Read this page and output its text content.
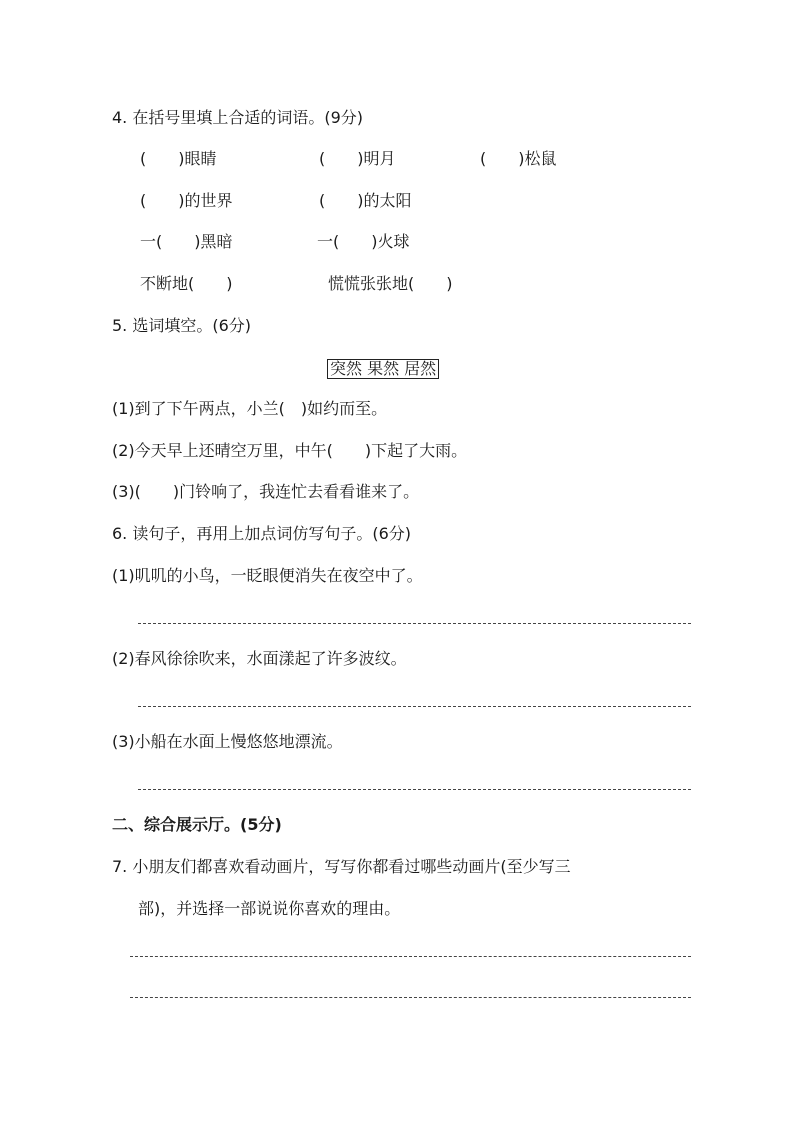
4. 在括号里填上合适的词语。(9分)
(　　)眼睛	(　　)明月	(　　)松鼠
(　　)的世界	(　　)的太阳
一(　　)黑暗	一(　　)火球
不断地(　　)	慌慌张张地(　　)
5. 选词填空。(6分)
突然 果然 居然
(1)到了下午两点，小兰(　)如约而至。
(2)今天早上还晴空万里，中午(　　)下起了大雨。
(3)(　　)门铃响了，我连忙去看看谁来了。
6. 读句子，再用上加点词仿写句子。(6分)
(1)叽叽的小鸟，一眨眼便消失在夜空中了。
(2)春风徐徐吹来，水面漾起了许多波纹。
(3)小船在水面上慢悠悠地漂流。
二、综合展示厅。(5分)
7. 小朋友们都喜欢看动画片，写写你都看过哪些动画片(至少写三
部)，并选择一部说说你喜欢的理由。
